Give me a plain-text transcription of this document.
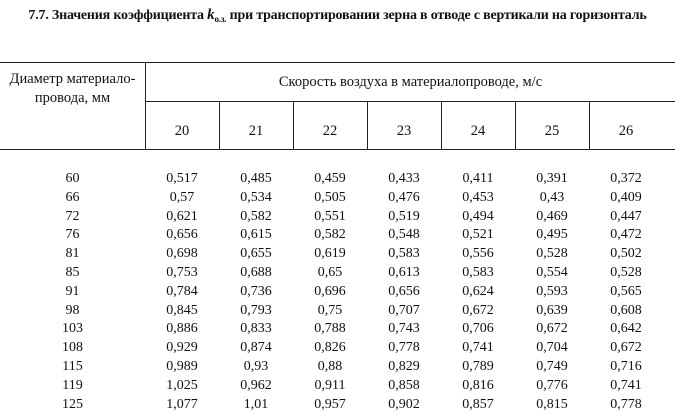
7.7. Значения коэффициента $k_{о.з.}$ при транспортировании зерна в отводе с вертикали на горизонталь
Диаметр материало-провода, мм
Скорость воздуха в материалопроводе, м/с
20	21	22	23	24	25	26
60	0,517	0,485	0,459	0,433	0,411	0,391	0,372
66	0,57	0,534	0,505	0,476	0,453	0,43	0,409
72	0,621	0,582	0,551	0,519	0,494	0,469	0,447
76	0,656	0,615	0,582	0,548	0,521	0,495	0,472
81	0,698	0,655	0,619	0,583	0,556	0,528	0,502
85	0,753	0,688	0,65	0,613	0,583	0,554	0,528
91	0,784	0,736	0,696	0,656	0,624	0,593	0,565
98	0,845	0,793	0,75	0,707	0,672	0,639	0,608
103	0,886	0,833	0,788	0,743	0,706	0,672	0,642
108	0,929	0,874	0,826	0,778	0,741	0,704	0,672
115	0,989	0,93	0,88	0,829	0,789	0,749	0,716
119	1,025	0,962	0,911	0,858	0,816	0,776	0,741
125	1,077	1,01	0,957	0,902	0,857	0,815	0,778
